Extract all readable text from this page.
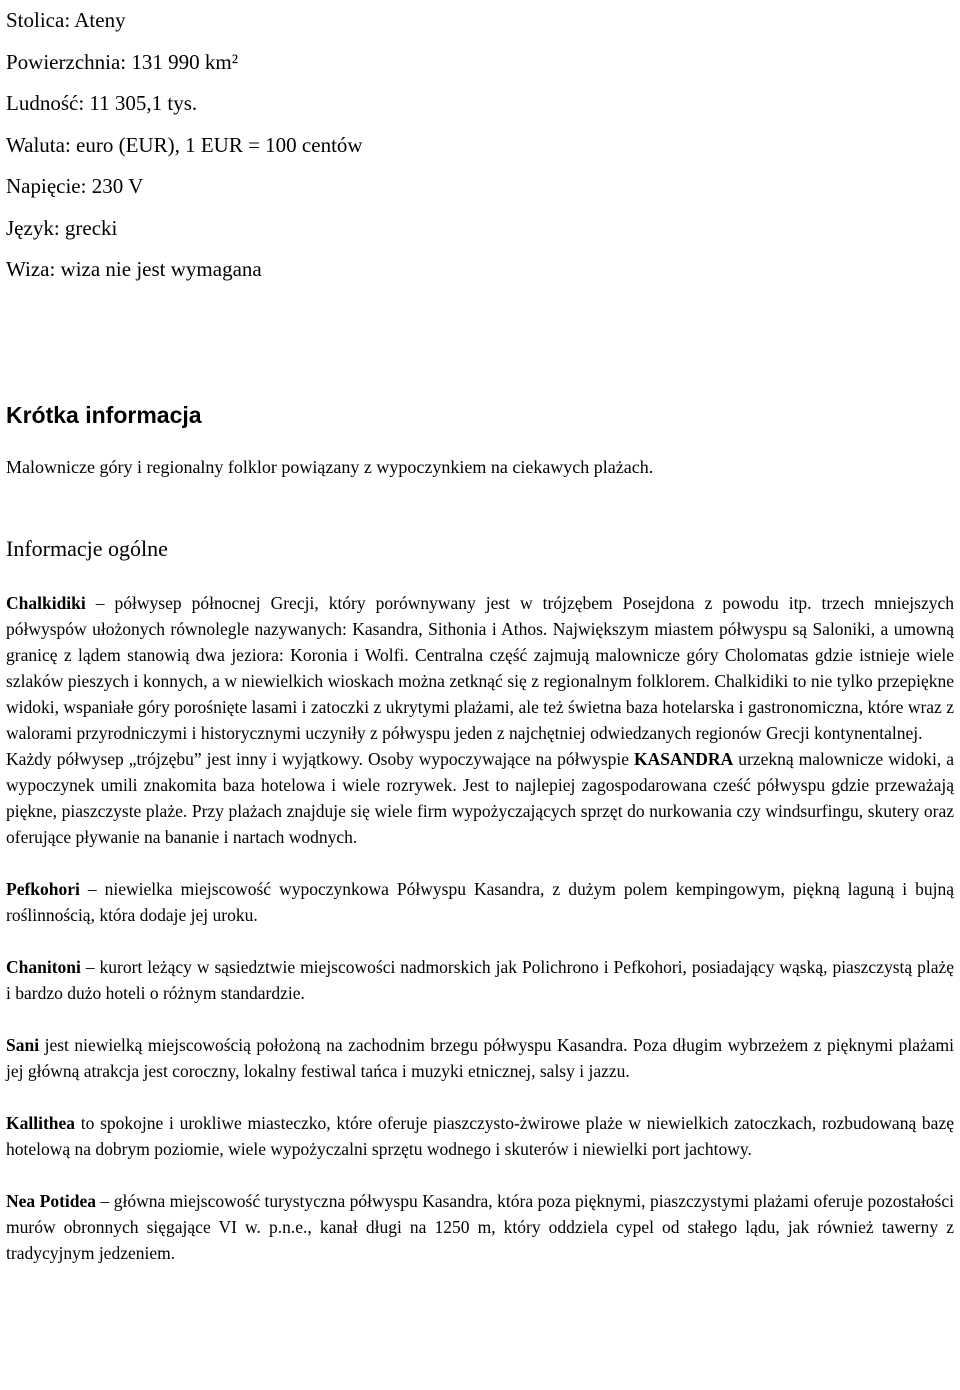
Stolica: Ateny
Powierzchnia: 131 990 km²
Ludność: 11 305,1 tys.
Waluta: euro (EUR), 1 EUR = 100 centów
Napięcie: 230 V
Język: grecki
Wiza: wiza nie jest wymagana
Krótka informacja

Malownicze góry i regionalny folklor powiązany z wypoczynkiem na ciekawych plażach.

Informacje ogólne

Chalkidiki – półwysep północnej Grecji, który porównywany jest w trójzębem Posejdona z powodu itp. trzech mniejszych półwyspów ułożonych równolegle nazywanych: Kasandra, Sithonia i Athos. Największym miastem półwyspu są Saloniki, a umowną granicę z lądem stanowią dwa jeziora: Koronia i Wolfi. Centralna część zajmują malownicze góry Cholomatas gdzie istnieje wiele szlaków pieszych i konnych, a w niewielkich wioskach można zetknąć się z regionalnym folklorem. Chalkidiki to nie tylko przepiękne widoki, wspaniałe góry porośnięte lasami i zatoczki z ukrytymi plażami, ale też świetna baza hotelarska i gastronomiczna, które wraz z walorami przyrodniczymi i historycznymi uczyniły z półwyspu jeden z najchętniej odwiedzanych regionów Grecji kontynentalnej.

Każdy półwysep „trójzębu” jest inny i wyjątkowy. Osoby wypoczywające na półwyspie KASANDRA urzekną malownicze widoki, a wypoczynek umili znakomita baza hotelowa i wiele rozrywek. Jest to najlepiej zagospodarowana cześć półwyspu gdzie przeważają piękne, piaszczyste plaże. Przy plażach znajduje się wiele firm wypożyczających sprzęt do nurkowania czy windsurfingu, skutery oraz oferujące pływanie na bananie i nartach wodnych.

Pefkohori – niewielka miejscowość wypoczynkowa Półwyspu Kasandra, z dużym polem kempingowym, piękną laguną i bujną roślinnością, która dodaje jej uroku.

Chanitoni – kurort leżący w sąsiedztwie miejscowości nadmorskich jak Polichrono i Pefkohori, posiadający wąską, piaszczystą plażę i bardzo dużo hoteli o różnym standardzie.

Sani jest niewielką miejscowością położoną na zachodnim brzegu półwyspu Kasandra. Poza długim wybrzeżem z pięknymi plażami jej główną atrakcja jest coroczny, lokalny festiwal tańca i muzyki etnicznej, salsy i jazzu.

Kallithea to spokojne i urokliwe miasteczko, które oferuje piaszczysto-żwirowe plaże w niewielkich zatoczkach, rozbudowaną bazę hotelową na dobrym poziomie, wiele wypożyczalni sprzętu wodnego i skuterów i niewielki port jachtowy.

Nea Potidea – główna miejscowość turystyczna półwyspu Kasandra, która poza pięknymi, piaszczystymi plażami oferuje pozostałości murów obronnych sięgające VI w. p.n.e., kanał długi na 1250 m, który oddziela cypel od stałego lądu, jak również tawerny z tradycyjnym jedzeniem.
